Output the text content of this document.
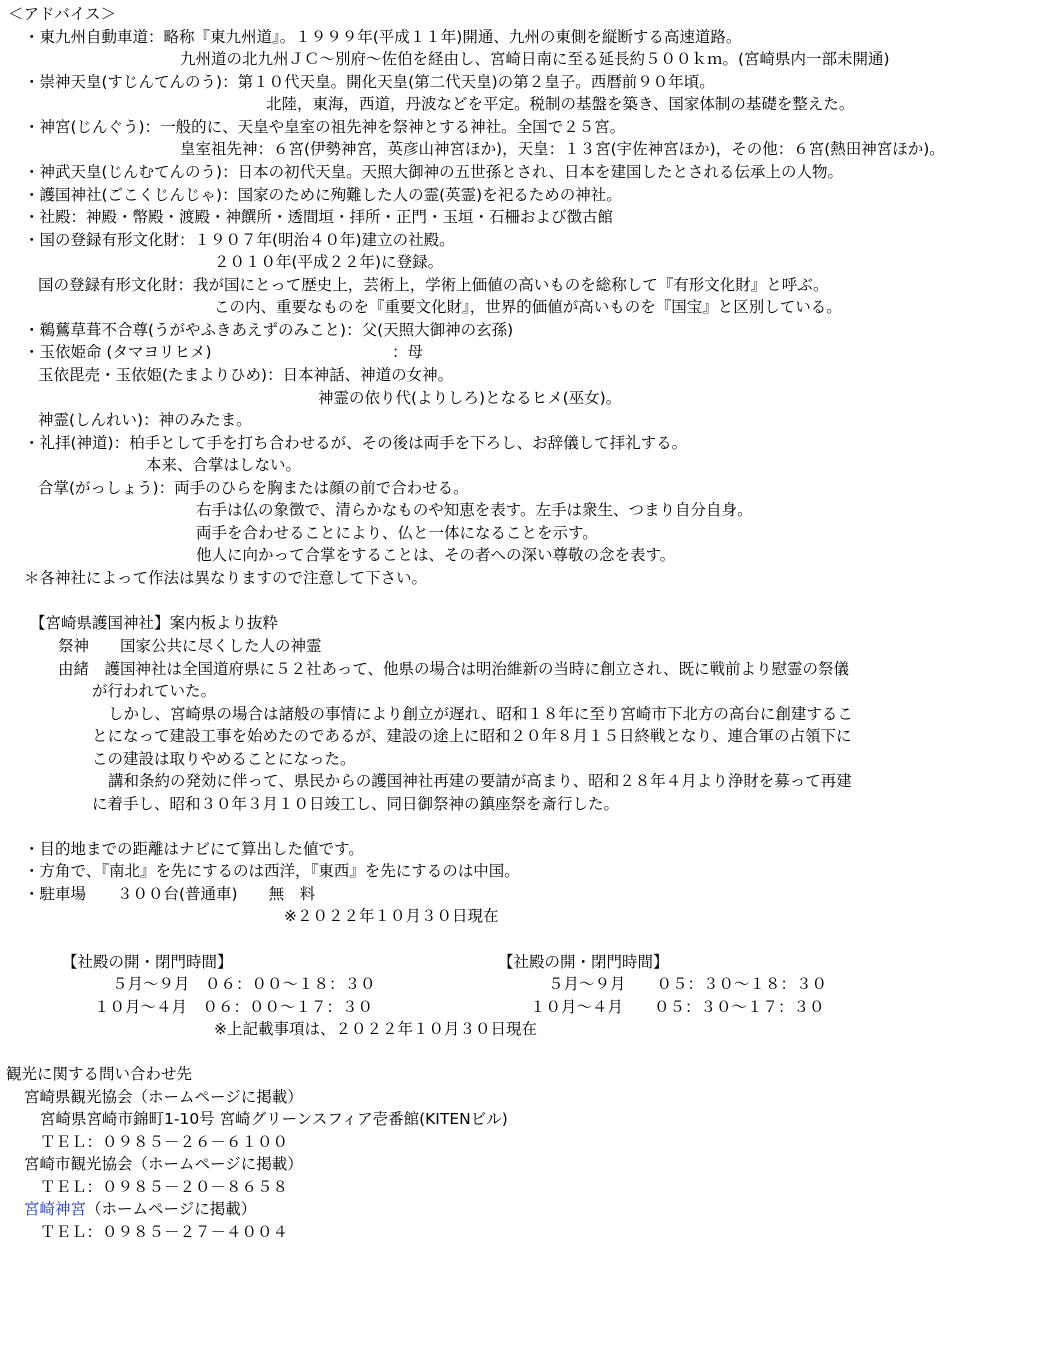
＜アドバイス＞
・東九州自動車道：略称『東九州道』。１９９９年(平成１１年)開通、九州の東側を縦断する高速道路。
九州道の北九州ＪＣ～別府～佐伯を経由し、宮崎日南に至る延長約５００ｋｍ。(宮崎県内一部未開通)
・崇神天皇(すじんてんのう)：第１０代天皇。開化天皇(第二代天皇)の第２皇子。西暦前９０年頃。
北陸，東海，西道，丹波などを平定。税制の基盤を築き、国家体制の基礎を整えた。
・神宮(じんぐう)：一般的に、天皇や皇室の祖先神を祭神とする神社。全国で２５宮。
皇室祖先神：６宮(伊勢神宮，英彦山神宮ほか)，天皇：１３宮(宇佐神宮ほか)，その他：６宮(熱田神宮ほか)。
・神武天皇(じんむてんのう)：日本の初代天皇。天照大御神の五世孫とされ、日本を建国したとされる伝承上の人物。
・護国神社(ごこくじんじゃ)：国家のために殉難した人の霊(英霊)を祀るための神社。
・社殿：神殿・幣殿・渡殿・神饌所・透間垣・拝所・正門・玉垣・石柵および徴古館
・国の登録有形文化財：１９０７年(明治４０年)建立の社殿。
２０１０年(平成２２年)に登録。
国の登録有形文化財：我が国にとって歴史上，芸術上，学術上価値の高いものを総称して『有形文化財』と呼ぶ。
この内、重要なものを『重要文化財』，世界的価値が高いものを『国宝』と区別している。
・鵜鶿草葺不合尊(うがやふきあえずのみこと)：父(天照大御神の玄孫)
・玉依姫命 (タマヨリヒメ)	：母
玉依毘売・玉依姫(たまよりひめ)：日本神話、神道の女神。
神霊の依り代(よりしろ)となるヒメ(巫女)。
神霊(しんれい)：神のみたま。
・礼拝(神道)：柏手として手を打ち合わせるが、その後は両手を下ろし、お辞儀して拝礼する。
本来、合掌はしない。
合掌(がっしょう)：両手のひらを胸または顔の前で合わせる。
右手は仏の象徴で、清らかなものや知恵を表す。左手は衆生、つまり自分自身。
両手を合わせることにより、仏と一体になることを示す。
他人に向かって合掌をすることは、その者への深い尊敬の念を表す。
＊各神社によって作法は異なりますので注意して下さい。
【宮崎県護国神社】案内板より抜粋
祭神　　国家公共に尽くした人の神霊
由緒　護国神社は全国道府県に５２社あって、他県の場合は明治維新の当時に創立され、既に戦前より慰霊の祭儀
が行われていた。
しかし、宮崎県の場合は諸般の事情により創立が遅れ、昭和１８年に至り宮崎市下北方の高台に創建するこ
とになって建設工事を始めたのであるが、建設の途上に昭和２０年８月１５日終戦となり、連合軍の占領下に
この建設は取りやめることになった。
講和条約の発効に伴って、県民からの護国神社再建の要請が高まり、昭和２８年４月より浄財を募って再建
に着手し、昭和３０年３月１０日竣工し、同日御祭神の鎮座祭を斎行した。
・目的地までの距離はナビにて算出した値です。
・方角で、『南北』を先にするのは西洋，『東西』を先にするのは中国。
・駐車場　　３００台(普通車)　　無　料
※２０２２年１０月３０日現在
【社殿の開・閉門時間】
５月～９月　０６：００～１８：３０
１０月～４月　０６：００～１７：３０
【社殿の開・閉門時間】
５月～９月　　０５：３０～１８：３０
１０月～４月　　０５：３０～１７：３０
※上記載事項は、２０２２年１０月３０日現在
観光に関する問い合わせ先
宮崎県観光協会（ホームページに掲載）
宮崎県宮崎市錦町1-10号 宮崎グリーンスフィア壱番館(KITENビル)
ＴＥＬ：０９８５－２６－６１００
宮崎市観光協会（ホームページに掲載）
ＴＥＬ：０９８５－２０－８６５８
宮崎神宮（ホームページに掲載）
ＴＥＬ：０９８５－２７－４００４
